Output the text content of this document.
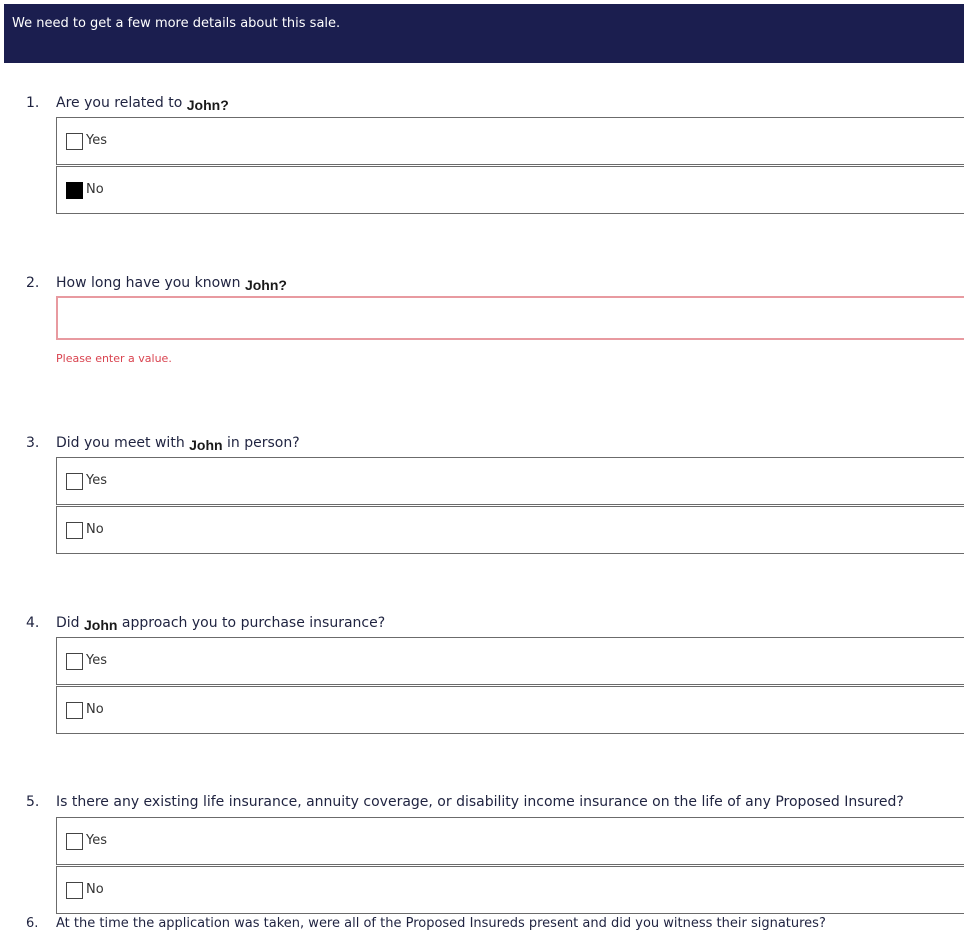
We need to get a few more details about this sale.
1. Are you related to John?
Yes
No
2. How long have you known John?
Please enter a value.
3. Did you meet with John in person?
Yes
No
4. Did John approach you to purchase insurance?
Yes
No
5. Is there any existing life insurance, annuity coverage, or disability income insurance on the life of any Proposed Insured?
Yes
No
6. At the time the application was taken, were all of the Proposed Insureds present and did you witness their signatures?
